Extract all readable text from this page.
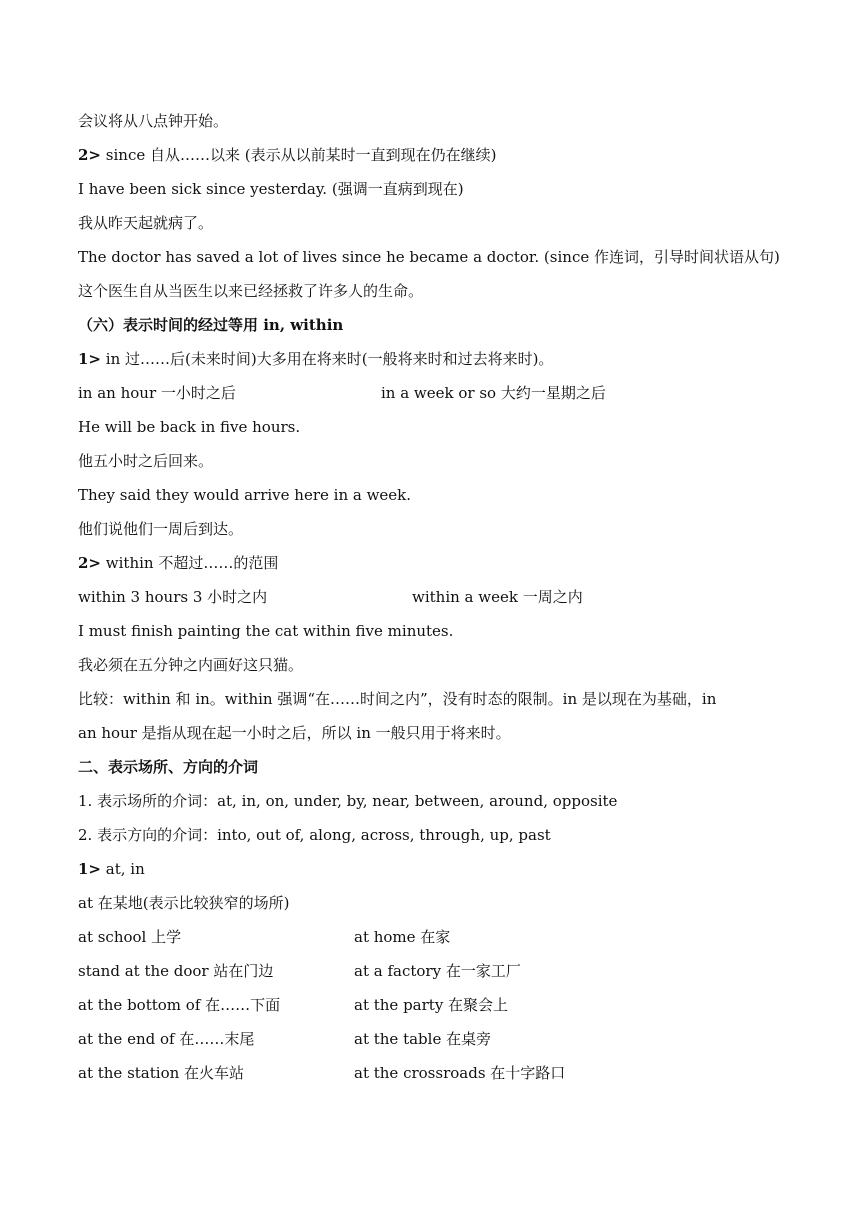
会议将从八点钟开始。
2> since 自从……以来 (表示从以前某时一直到现在仍在继续)
I have been sick since yesterday. (强调一直病到现在)
我从昨天起就病了。
The doctor has saved a lot of lives since he became a doctor. (since 作连词，引导时间状语从句)
这个医生自从当医生以来已经拯救了许多人的生命。
（六）表示时间的经过等用 in, within
1> in 过……后(未来时间)大多用在将来时(一般将来时和过去将来时)。
in an hour 一小时之后	in a week or so 大约一星期之后
He will be back in five hours.
他五小时之后回来。
They said they would arrive here in a week.
他们说他们一周后到达。
2> within 不超过……的范围
within 3 hours 3 小时之内	within a week 一周之内
I must finish painting the cat within five minutes.
我必须在五分钟之内画好这只猫。
比较：within 和 in。within 强调“在……时间之内”，没有时态的限制。in 是以现在为基础，in
an hour 是指从现在起一小时之后，所以 in 一般只用于将来时。
二、表示场所、方向的介词
1. 表示场所的介词：at, in, on, under, by, near, between, around, opposite
2. 表示方向的介词：into, out of, along, across, through, up, past
1> at, in
at 在某地(表示比较狭窄的场所)
at school 上学	at home 在家
stand at the door 站在门边	at a factory 在一家工厂
at the bottom of 在……下面	at the party 在聚会上
at the end of 在……末尾	at the table 在桌旁
at the station 在火车站	at the crossroads 在十字路口
